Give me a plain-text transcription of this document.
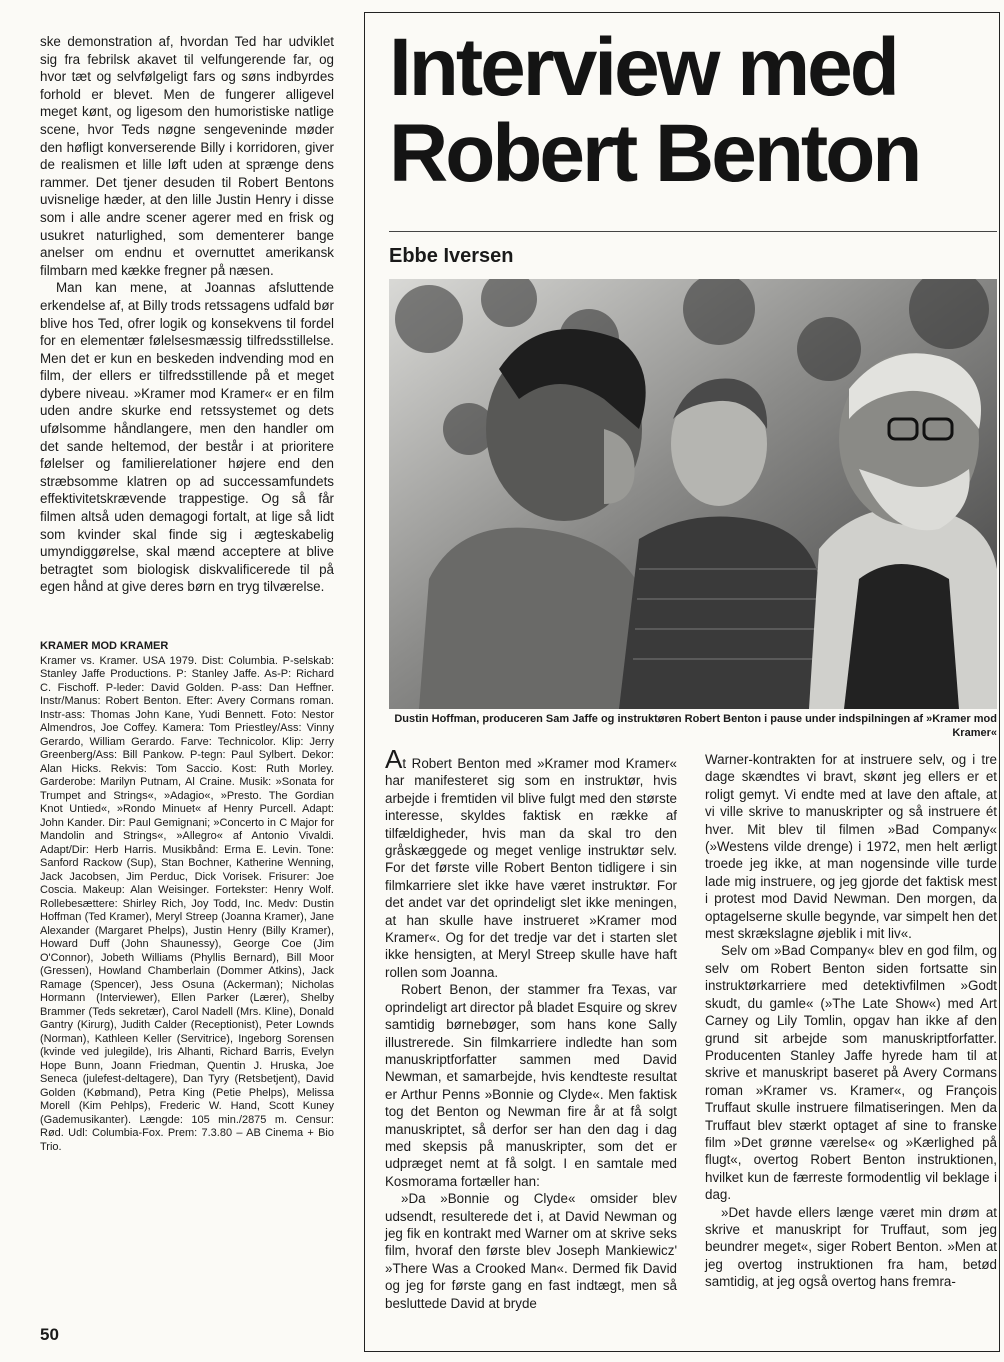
ske demonstration af, hvordan Ted har udviklet sig fra febrilsk akavet til velfungerende far, og hvor tæt og selvfølgeligt fars og søns indbyrdes forhold er blevet. Men de fungerer alligevel meget kønt, og ligesom den humoristiske natlige scene, hvor Teds nøgne sengeveninde møder den høfligt konverserende Billy i korridoren, giver de realismen et lille løft uden at sprænge dens rammer. Det tjener desuden til Robert Bentons uvisnelige hæder, at den lille Justin Henry i disse som i alle andre scener agerer med en frisk og usukret naturlighed, som dementerer bange anelser om endnu et overnuttet amerikansk filmbarn med kække fregner på næsen.

Man kan mene, at Joannas afsluttende erkendelse af, at Billy trods retssagens udfald bør blive hos Ted, ofrer logik og konsekvens til fordel for en elementær følelsesmæssig tilfredsstillelse. Men det er kun en beskeden indvending mod en film, der ellers er tilfredsstillende på et meget dybere niveau. »Kramer mod Kramer« er en film uden andre skurke end retssystemet og dets ufølsomme håndlangere, men den handler om det sande heltemod, der består i at prioritere følelser og familierelationer højere end den stræbsomme klatren op ad successamfundets effektivitetskrævende trappestige. Og så får filmen altså uden demagogi fortalt, at lige så lidt som kvinder skal finde sig i ægteskabelig umyndiggørelse, skal mænd acceptere at blive betragtet som biologisk diskvalificerede til på egen hånd at give deres børn en tryg tilværelse.

KRAMER MOD KRAMER
Kramer vs. Kramer. USA 1979. Dist: Columbia. P-selskab: Stanley Jaffe Productions. P: Stanley Jaffe. As-P: Richard C. Fischoff. P-leder: David Golden. P-ass: Dan Heffner. Instr/Manus: Robert Benton. Efter: Avery Cormans roman. Instr-ass: Thomas John Kane, Yudi Bennett. Foto: Nestor Almendros, Joe Coffey. Kamera: Tom Priestley/Ass: Vinny Gerardo, William Gerardo. Farve: Technicolor. Klip: Jerry Greenberg/Ass: Bill Pankow. P-tegn: Paul Sylbert. Dekor: Alan Hicks. Rekvis: Tom Saccio. Kost: Ruth Morley. Garderobe: Marilyn Putnam, Al Craine. Musik: »Sonata for Trumpet and Strings«, »Adagio«, »Presto. The Gordian Knot Untied«, »Rondo Minuet« af Henry Purcell. Adapt: John Kander. Dir: Paul Gemignani; »Concerto in C Major for Mandolin and Strings«, »Allegro« af Antonio Vivaldi. Adapt/Dir: Herb Harris. Musikbånd: Erma E. Levin. Tone: Sanford Rackow (Sup), Stan Bochner, Katherine Wenning, Jack Jacobsen, Jim Perduc, Dick Vorisek. Frisurer: Joe Coscia. Makeup: Alan Weisinger. Fortekster: Henry Wolf. Rollebesættere: Shirley Rich, Joy Todd, Inc. Medv: Dustin Hoffman (Ted Kramer), Meryl Streep (Joanna Kramer), Jane Alexander (Margaret Phelps), Justin Henry (Billy Kramer), Howard Duff (John Shaunessy), George Coe (Jim O'Connor), Jobeth Williams (Phyllis Bernard), Bill Moor (Gressen), Howland Chamberlain (Dommer Atkins), Jack Ramage (Spencer), Jess Osuna (Ackerman); Nicholas Hormann (Interviewer), Ellen Parker (Lærer), Shelby Brammer (Teds sekretær), Carol Nadell (Mrs. Kline), Donald Gantry (Kirurg), Judith Calder (Receptionist), Peter Lownds (Norman), Kathleen Keller (Servitrice), Ingeborg Sorensen (kvinde ved julegilde), Iris Alhanti, Richard Barris, Evelyn Hope Bunn, Joann Friedman, Quentin J. Hruska, Joe Seneca (julefest-deltagere), Dan Tyry (Retsbetjent), David Golden (Købmand), Petra King (Petie Phelps), Melissa Morell (Kim Pehlps), Frederic W. Hand, Scott Kuney (Gademusikanter). Længde: 105 min./2875 m. Censur: Rød. Udl: Columbia-Fox. Prem: 7.3.80 – AB Cinema + Bio Trio.
50
Interview med
Robert Benton
Ebbe Iversen

Dustin Hoffman, produceren Sam Jaffe og instruktøren Robert Benton i pause under indspilningen af »Kramer mod Kramer«

At Robert Benton med »Kramer mod Kramer« har manifesteret sig som en instruktør, hvis arbejde i fremtiden vil blive fulgt med den største interesse, skyldes faktisk en række af tilfældigheder, hvis man da skal tro den gråskæggede og meget venlige instruktør selv. For det første ville Robert Benton tidligere i sin filmkarriere slet ikke have været instruktør. For det andet var det oprindeligt slet ikke meningen, at han skulle have instrueret »Kramer mod Kramer«. Og for det tredje var det i starten slet ikke hensigten, at Meryl Streep skulle have haft rollen som Joanna.

Robert Benon, der stammer fra Texas, var oprindeligt art director på bladet Esquire og skrev samtidig børnebøger, som hans kone Sally illustrerede. Sin filmkarriere indledte han som manuskriptforfatter sammen med David Newman, et samarbejde, hvis kendteste resultat er Arthur Penns »Bonnie og Clyde«. Men faktisk tog det Benton og Newman fire år at få solgt manuskriptet, så derfor ser han den dag i dag med skepsis på manuskripter, som det er udpræget nemt at få solgt. I en samtale med Kosmorama fortæller han:

»Da »Bonnie og Clyde« omsider blev udsendt, resulterede det i, at David Newman og jeg fik en kontrakt med Warner om at skrive seks film, hvoraf den første blev Joseph Mankiewicz' »There Was a Crooked Man«. Dermed fik David og jeg for første gang en fast indtægt, men så besluttede David at bryde

Warner-kontrakten for at instruere selv, og i tre dage skændtes vi bravt, skønt jeg ellers er et roligt gemyt. Vi endte med at lave den aftale, at vi ville skrive to manuskripter og så instruere ét hver. Mit blev til filmen »Bad Company« (»Westens vilde drenge) i 1972, men helt ærligt troede jeg ikke, at man nogensinde ville turde lade mig instruere, og jeg gjorde det faktisk mest i protest mod David Newman. Den morgen, da optagelserne skulle begynde, var simpelt hen det mest skrækslagne øjeblik i mit liv«.

Selv om »Bad Company« blev en god film, og selv om Robert Benton siden fortsatte sin instruktørkarriere med detektivfilmen »Godt skudt, du gamle« (»The Late Show«) med Art Carney og Lily Tomlin, opgav han ikke af den grund sit arbejde som manuskriptforfatter. Producenten Stanley Jaffe hyrede ham til at skrive et manuskript baseret på Avery Cormans roman »Kramer vs. Kramer«, og François Truffaut skulle instruere filmatiseringen. Men da Truffaut blev stærkt optaget af sine to franske film »Det grønne værelse« og »Kærlighed på flugt«, overtog Robert Benton instruktionen, hvilket kun de færreste formodentlig vil beklage i dag.

»Det havde ellers længe været min drøm at skrive et manuskript for Truffaut, som jeg beundrer meget«, siger Robert Benton. »Men at jeg overtog instruktionen fra ham, betød samtidig, at jeg også overtog hans fremra-
